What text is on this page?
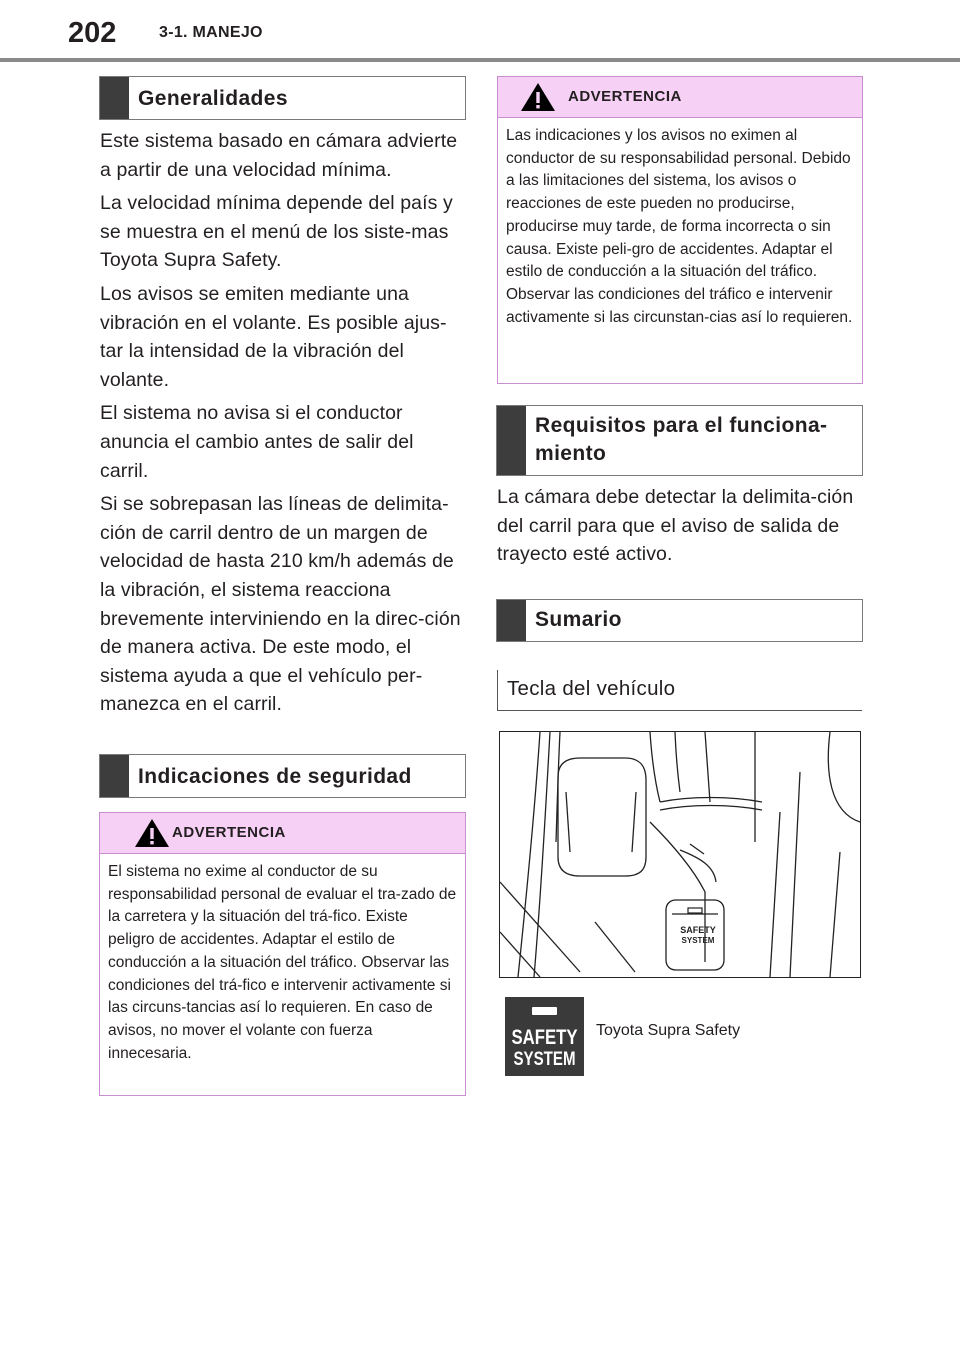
202	3-1. MANEJO
Generalidades

Este sistema basado en cámara advierte a partir de una velocidad mínima.

La velocidad mínima depende del país y se muestra en el menú de los siste-mas Toyota Supra Safety.

Los avisos se emiten mediante una vibración en el volante. Es posible ajus-tar la intensidad de la vibración del volante.

El sistema no avisa si el conductor anuncia el cambio antes de salir del carril.

Si se sobrepasan las líneas de delimita-ción de carril dentro de un margen de velocidad de hasta 210 km/h además de la vibración, el sistema reacciona brevemente interviniendo en la direc-ción de manera activa. De este modo, el sistema ayuda a que el vehículo per-manezca en el carril.

Indicaciones de seguridad
ADVERTENCIA
El sistema no exime al conductor de su responsabilidad personal de evaluar el tra-zado de la carretera y la situación del trá-fico. Existe peligro de accidentes. Adaptar el estilo de conducción a la situación del tráfico. Observar las condiciones del trá-fico e intervenir activamente si las circuns-tancias así lo requieren. En caso de avisos, no mover el volante con fuerza innecesaria.
ADVERTENCIA
Las indicaciones y los avisos no eximen al conductor de su responsabilidad personal. Debido a las limitaciones del sistema, los avisos o reacciones de este pueden no producirse, producirse muy tarde, de forma incorrecta o sin causa. Existe peli-gro de accidentes. Adaptar el estilo de conducción a la situación del tráfico. Observar las condiciones del tráfico e intervenir activamente si las circunstan-cias así lo requieren.
Requisitos para el funciona-miento

La cámara debe detectar la delimita-ción del carril para que el aviso de salida de trayecto esté activo.

Sumario
Tecla del vehículo
SAFETY
SYSTEM
SAFETY
SYSTEM
Toyota Supra Safety
